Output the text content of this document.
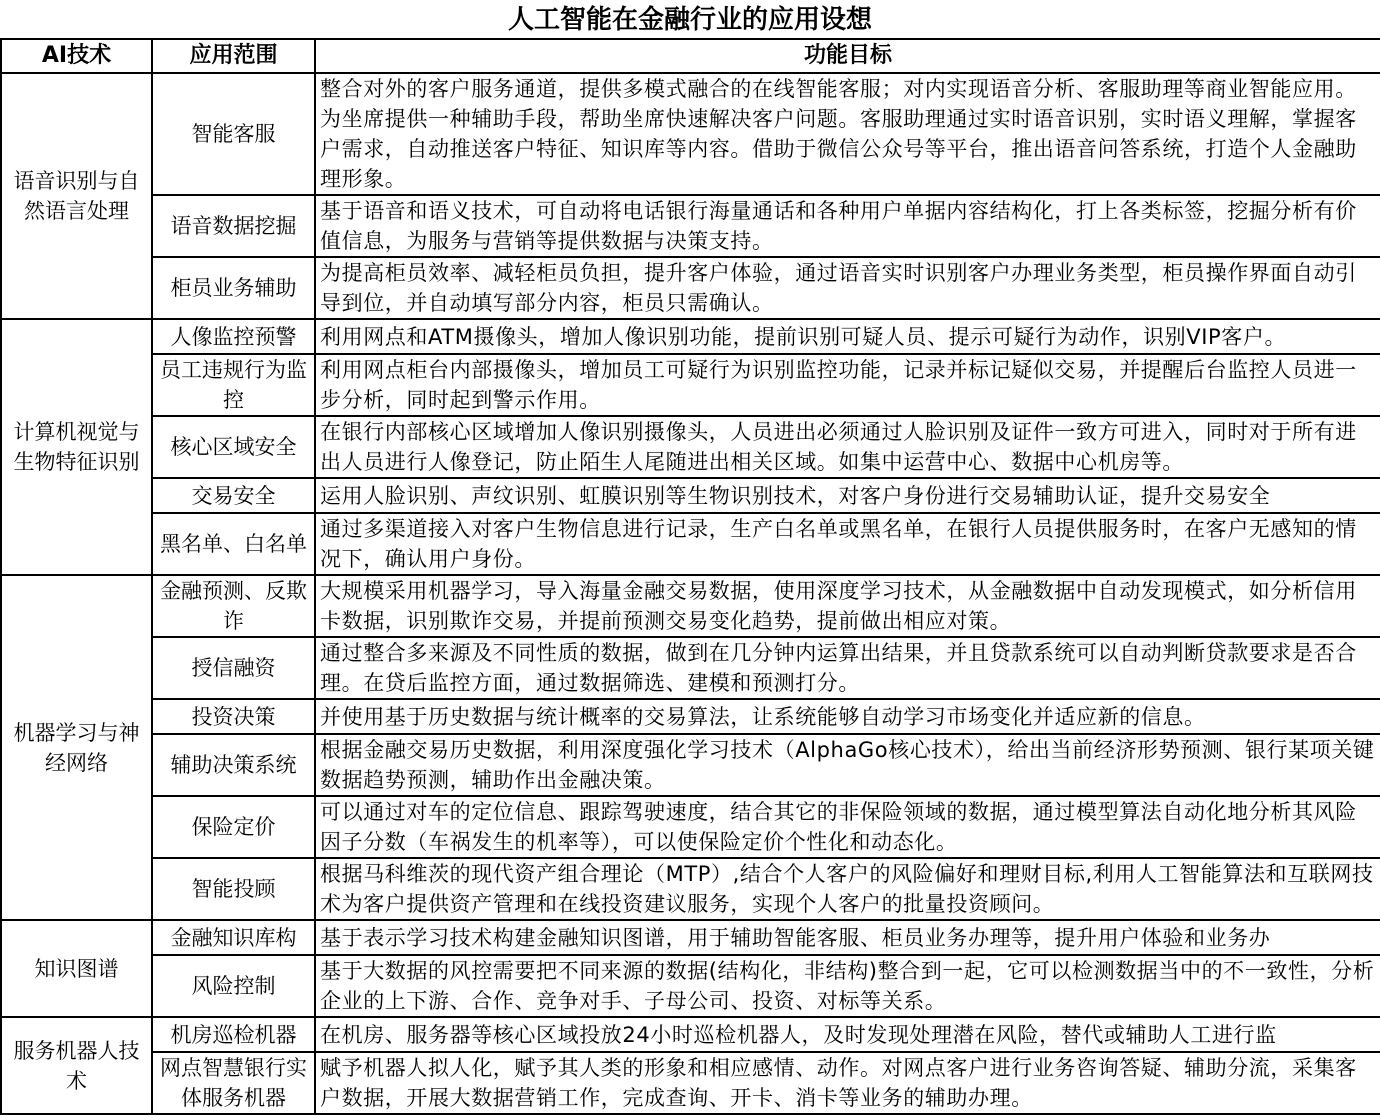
人工智能在金融行业的应用设想
AI技术	应用范围	功能目标
语音识别与自然语言处理	智能客服	整合对外的客户服务通道，提供多模式融合的在线智能客服；对内实现语音分析、客服助理等商业智能应用。为坐席提供一种辅助手段，帮助坐席快速解决客户问题。客服助理通过实时语音识别，实时语义理解，掌握客户需求，自动推送客户特征、知识库等内容。借助于微信公众号等平台，推出语音问答系统，打造个人金融助理形象。
	语音数据挖掘	基于语音和语义技术，可自动将电话银行海量通话和各种用户单据内容结构化，打上各类标签，挖掘分析有价值信息，为服务与营销等提供数据与决策支持。
	柜员业务辅助	为提高柜员效率、减轻柜员负担，提升客户体验，通过语音实时识别客户办理业务类型，柜员操作界面自动引导到位，并自动填写部分内容，柜员只需确认。
计算机视觉与生物特征识别	人像监控预警	利用网点和ATM摄像头，增加人像识别功能，提前识别可疑人员、提示可疑行为动作，识别VIP客户。
	员工违规行为监控	利用网点柜台内部摄像头，增加员工可疑行为识别监控功能，记录并标记疑似交易，并提醒后台监控人员进一步分析，同时起到警示作用。
	核心区域安全	在银行内部核心区域增加人像识别摄像头，人员进出必须通过人脸识别及证件一致方可进入，同时对于所有进出人员进行人像登记，防止陌生人尾随进出相关区域。如集中运营中心、数据中心机房等。
	交易安全	运用人脸识别、声纹识别、虹膜识别等生物识别技术，对客户身份进行交易辅助认证，提升交易安全
	黑名单、白名单	通过多渠道接入对客户生物信息进行记录，生产白名单或黑名单，在银行人员提供服务时，在客户无感知的情况下，确认用户身份。
机器学习与神经网络	金融预测、反欺诈	大规模采用机器学习，导入海量金融交易数据，使用深度学习技术，从金融数据中自动发现模式，如分析信用卡数据，识别欺诈交易，并提前预测交易变化趋势，提前做出相应对策。
	授信融资	通过整合多来源及不同性质的数据，做到在几分钟内运算出结果，并且贷款系统可以自动判断贷款要求是否合理。在贷后监控方面，通过数据筛选、建模和预测打分。
	投资决策	并使用基于历史数据与统计概率的交易算法，让系统能够自动学习市场变化并适应新的信息。
	辅助决策系统	根据金融交易历史数据，利用深度强化学习技术（AlphaGo核心技术），给出当前经济形势预测、银行某项关键数据趋势预测，辅助作出金融决策。
	保险定价	可以通过对车的定位信息、跟踪驾驶速度，结合其它的非保险领域的数据，通过模型算法自动化地分析其风险因子分数（车祸发生的机率等），可以使保险定价个性化和动态化。
	智能投顾	根据马科维茨的现代资产组合理论（MTP）,结合个人客户的风险偏好和理财目标,利用人工智能算法和互联网技术为客户提供资产管理和在线投资建议服务，实现个人客户的批量投资顾问。
知识图谱	金融知识库构	基于表示学习技术构建金融知识图谱，用于辅助智能客服、柜员业务办理等，提升用户体验和业务办
	风险控制	基于大数据的风控需要把不同来源的数据(结构化，非结构)整合到一起，它可以检测数据当中的不一致性，分析企业的上下游、合作、竞争对手、子母公司、投资、对标等关系。
服务机器人技术	机房巡检机器	在机房、服务器等核心区域投放24小时巡检机器人，及时发现处理潜在风险，替代或辅助人工进行监
	网点智慧银行实体服务机器	赋予机器人拟人化，赋予其人类的形象和相应感情、动作。对网点客户进行业务咨询答疑、辅助分流，采集客户数据，开展大数据营销工作，完成查询、开卡、消卡等业务的辅助办理。
